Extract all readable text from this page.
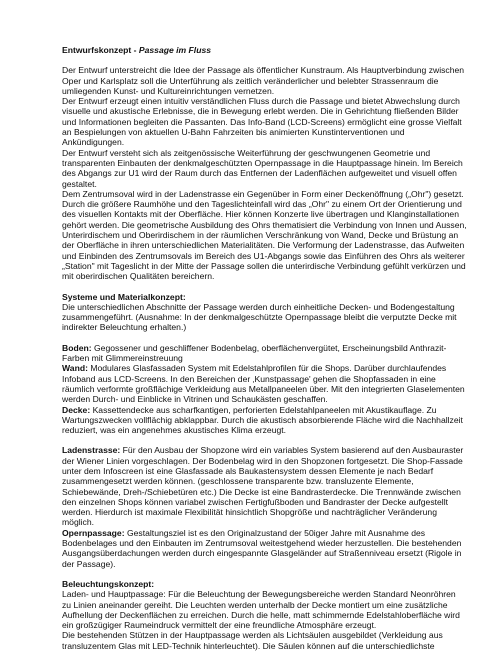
Entwurfskonzept - Passage im Fluss

Der Entwurf unterstreicht die Idee der Passage als öffentlicher Kunstraum. Als Hauptverbindung zwischen Oper und Karlsplatz soll die Unterführung als zeitlich veränderlicher und belebter Strassenraum die umliegenden Kunst- und Kultureinrichtungen vernetzen.

Der Entwurf erzeugt einen intuitiv verständlichen Fluss durch die Passage und bietet Abwechslung durch visuelle und akustische Erlebnisse, die in Bewegung erlebt werden. Die in Gehrichtung fließenden Bilder und Informationen begleiten die Passanten. Das Info-Band (LCD-Screens) ermöglicht eine grosse Vielfalt an Bespielungen von aktuellen U-Bahn Fahrzeiten bis animierten Kunstinterventionen und Ankündigungen.

Der Entwurf versteht sich als zeitgenössische Weiterführung der geschwungenen Geometrie und transparenten Einbauten der denkmalgeschützten Opernpassage in die Hauptpassage hinein. Im Bereich des Abgangs zur U1 wird der Raum durch das Entfernen der Ladenflächen aufgeweitet und visuell offen gestaltet.

Dem Zentrumsoval wird in der Ladenstrasse ein Gegenüber in Form einer Deckenöffnung („Ohr") gesetzt. Durch die größere Raumhöhe und den Tageslichteinfall wird das „Ohr" zu einem Ort der Orientierung und des visuellen Kontakts mit der Oberfläche. Hier können Konzerte live übertragen und Klanginstallationen gehört werden. Die geometrische Ausbildung des Ohrs thematisiert die Verbindung von Innen und Aussen, Unterirdischem und Oberirdischem in der räumlichen Verschränkung von Wand, Decke und Brüstung an der Oberfläche in ihren unterschiedlichen Materialitäten. Die Verformung der Ladenstrasse, das Aufweiten und Einbinden des Zentrumsovals im Bereich des U1-Abgangs sowie das Einführen des Ohrs als weiterer „Station" mit Tageslicht in der Mitte der Passage sollen die unterirdische Verbindung gefühlt verkürzen und mit oberirdischen Qualitäten bereichern.

Systeme und Materialkonzept:

Die unterschiedlichen Abschnitte der Passage werden durch einheitliche Decken- und Bodengestaltung zusammengeführt. (Ausnahme: In der denkmalgeschützte Opernpassage bleibt die verputzte Decke mit indirekter Beleuchtung erhalten.)

Boden: Gegossener und geschliffener Bodenbelag, oberflächenvergütet, Erscheinungsbild Anthrazit-Farben mit Glimmereinstreuung

Wand: Modulares Glasfassaden System mit Edelstahlprofilen für die Shops. Darüber durchlaufendes Infoband aus LCD-Screens. In den Bereichen der ‚Kunstpassage' gehen die Shopfassaden in eine räumlich verformte großflächige Verkleidung aus Metallpaneelen über. Mit den integrierten Glaselementen werden Durch- und Einblicke in Vitrinen und Schaukästen geschaffen.

Decke: Kassettendecke aus scharfkantigen, perforierten Edelstahlpaneelen mit Akustikauflage. Zu Wartungszwecken vollflächig abklappbar. Durch die akustisch absorbierende Fläche wird die Nachhallzeit reduziert, was ein angenehmes akustisches Klima erzeugt.

Ladenstrasse: Für den Ausbau der Shopzone wird ein variables System basierend auf den Ausbauraster der Wiener Linien vorgeschlagen. Der Bodenbelag wird in den Shopzonen fortgesetzt. Die Shop-Fassade unter dem Infoscreen ist eine Glasfassade als Baukastensystem dessen Elemente je nach Bedarf zusammengesetzt werden können. (geschlossene transparente bzw. transluzente Elemente, Schiebewände, Dreh-/Schiebetüren etc.) Die Decke ist eine Bandrasterdecke. Die Trennwände zwischen den einzelnen Shops können variabel zwischen Fertigfußboden und Bandraster der Decke aufgestellt werden. Hierdurch ist maximale Flexibilität hinsichtlich Shopgröße und nachträglicher Veränderung möglich.

Opernpassage: Gestaltungsziel ist es den Originalzustand der 50iger Jahre mit Ausnahme des Bodenbelages und den Einbauten im Zentrumsoval weitestgehend wieder herzustellen. Die bestehenden Ausgangsüberdachungen werden durch eingespannte Glasgeländer auf Straßenniveau ersetzt (Rigole in der Passage).

Beleuchtungskonzept:

Laden- und Hauptpassage: Für die Beleuchtung der Bewegungsbereiche werden Standard Neonröhren zu Linien aneinander gereiht. Die Leuchten werden unterhalb der Decke montiert um eine zusätzliche Aufhellung der Deckenflächen zu erreichen. Durch die helle, matt schimmernde Edelstahloberfläche wird ein großzügiger Raumeindruck vermittelt der eine freundliche Atmosphäre erzeugt.

Die bestehenden Stützen in der Hauptpassage werden als Lichtsäulen ausgebildet (Verkleidung aus transluzentem Glas mit LED-Technik hinterleuchtet). Die Säulen können auf die unterschiedlichste
